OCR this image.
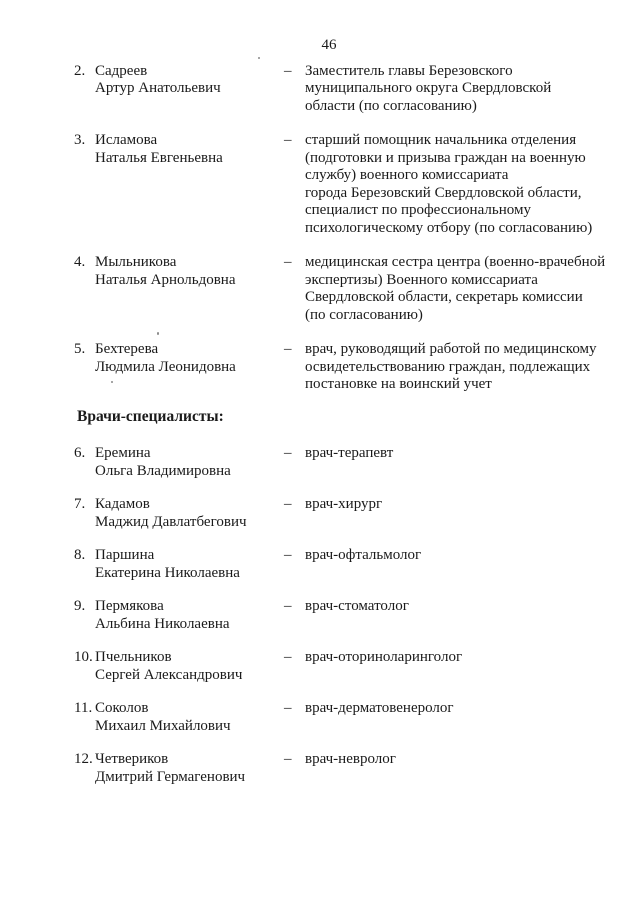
46
2. Садреев
Артур Анатольевич
– Заместитель главы Березовского
муниципального округа Свердловской
области (по согласованию)
3. Исламова
Наталья Евгеньевна
– старший помощник начальника отделения
(подготовки и призыва граждан на военную
службу) военного комиссариата
города Березовский Свердловской области,
специалист по профессиональному
психологическому отбору (по согласованию)
4. Мыльникова
Наталья Арнольдовна
– медицинская сестра центра (военно-врачебной
экспертизы) Военного комиссариата
Свердловской области, секретарь комиссии
(по согласованию)
5. Бехтерева
Людмила Леонидовна
– врач, руководящий работой по медицинскому
освидетельствованию граждан, подлежащих
постановке на воинский учет
Врачи-специалисты:
6. Еремина
Ольга Владимировна
– врач-терапевт
7. Кадамов
Маджид Давлатбегович
– врач-хирург
8. Паршина
Екатерина Николаевна
– врач-офтальмолог
9. Пермякова
Альбина Николаевна
– врач-стоматолог
10. Пчельников
Сергей Александрович
– врач-оториноларинголог
11. Соколов
Михаил Михайлович
– врач-дерматовенеролог
12. Четвериков
Дмитрий Гермагенович
– врач-невролог
